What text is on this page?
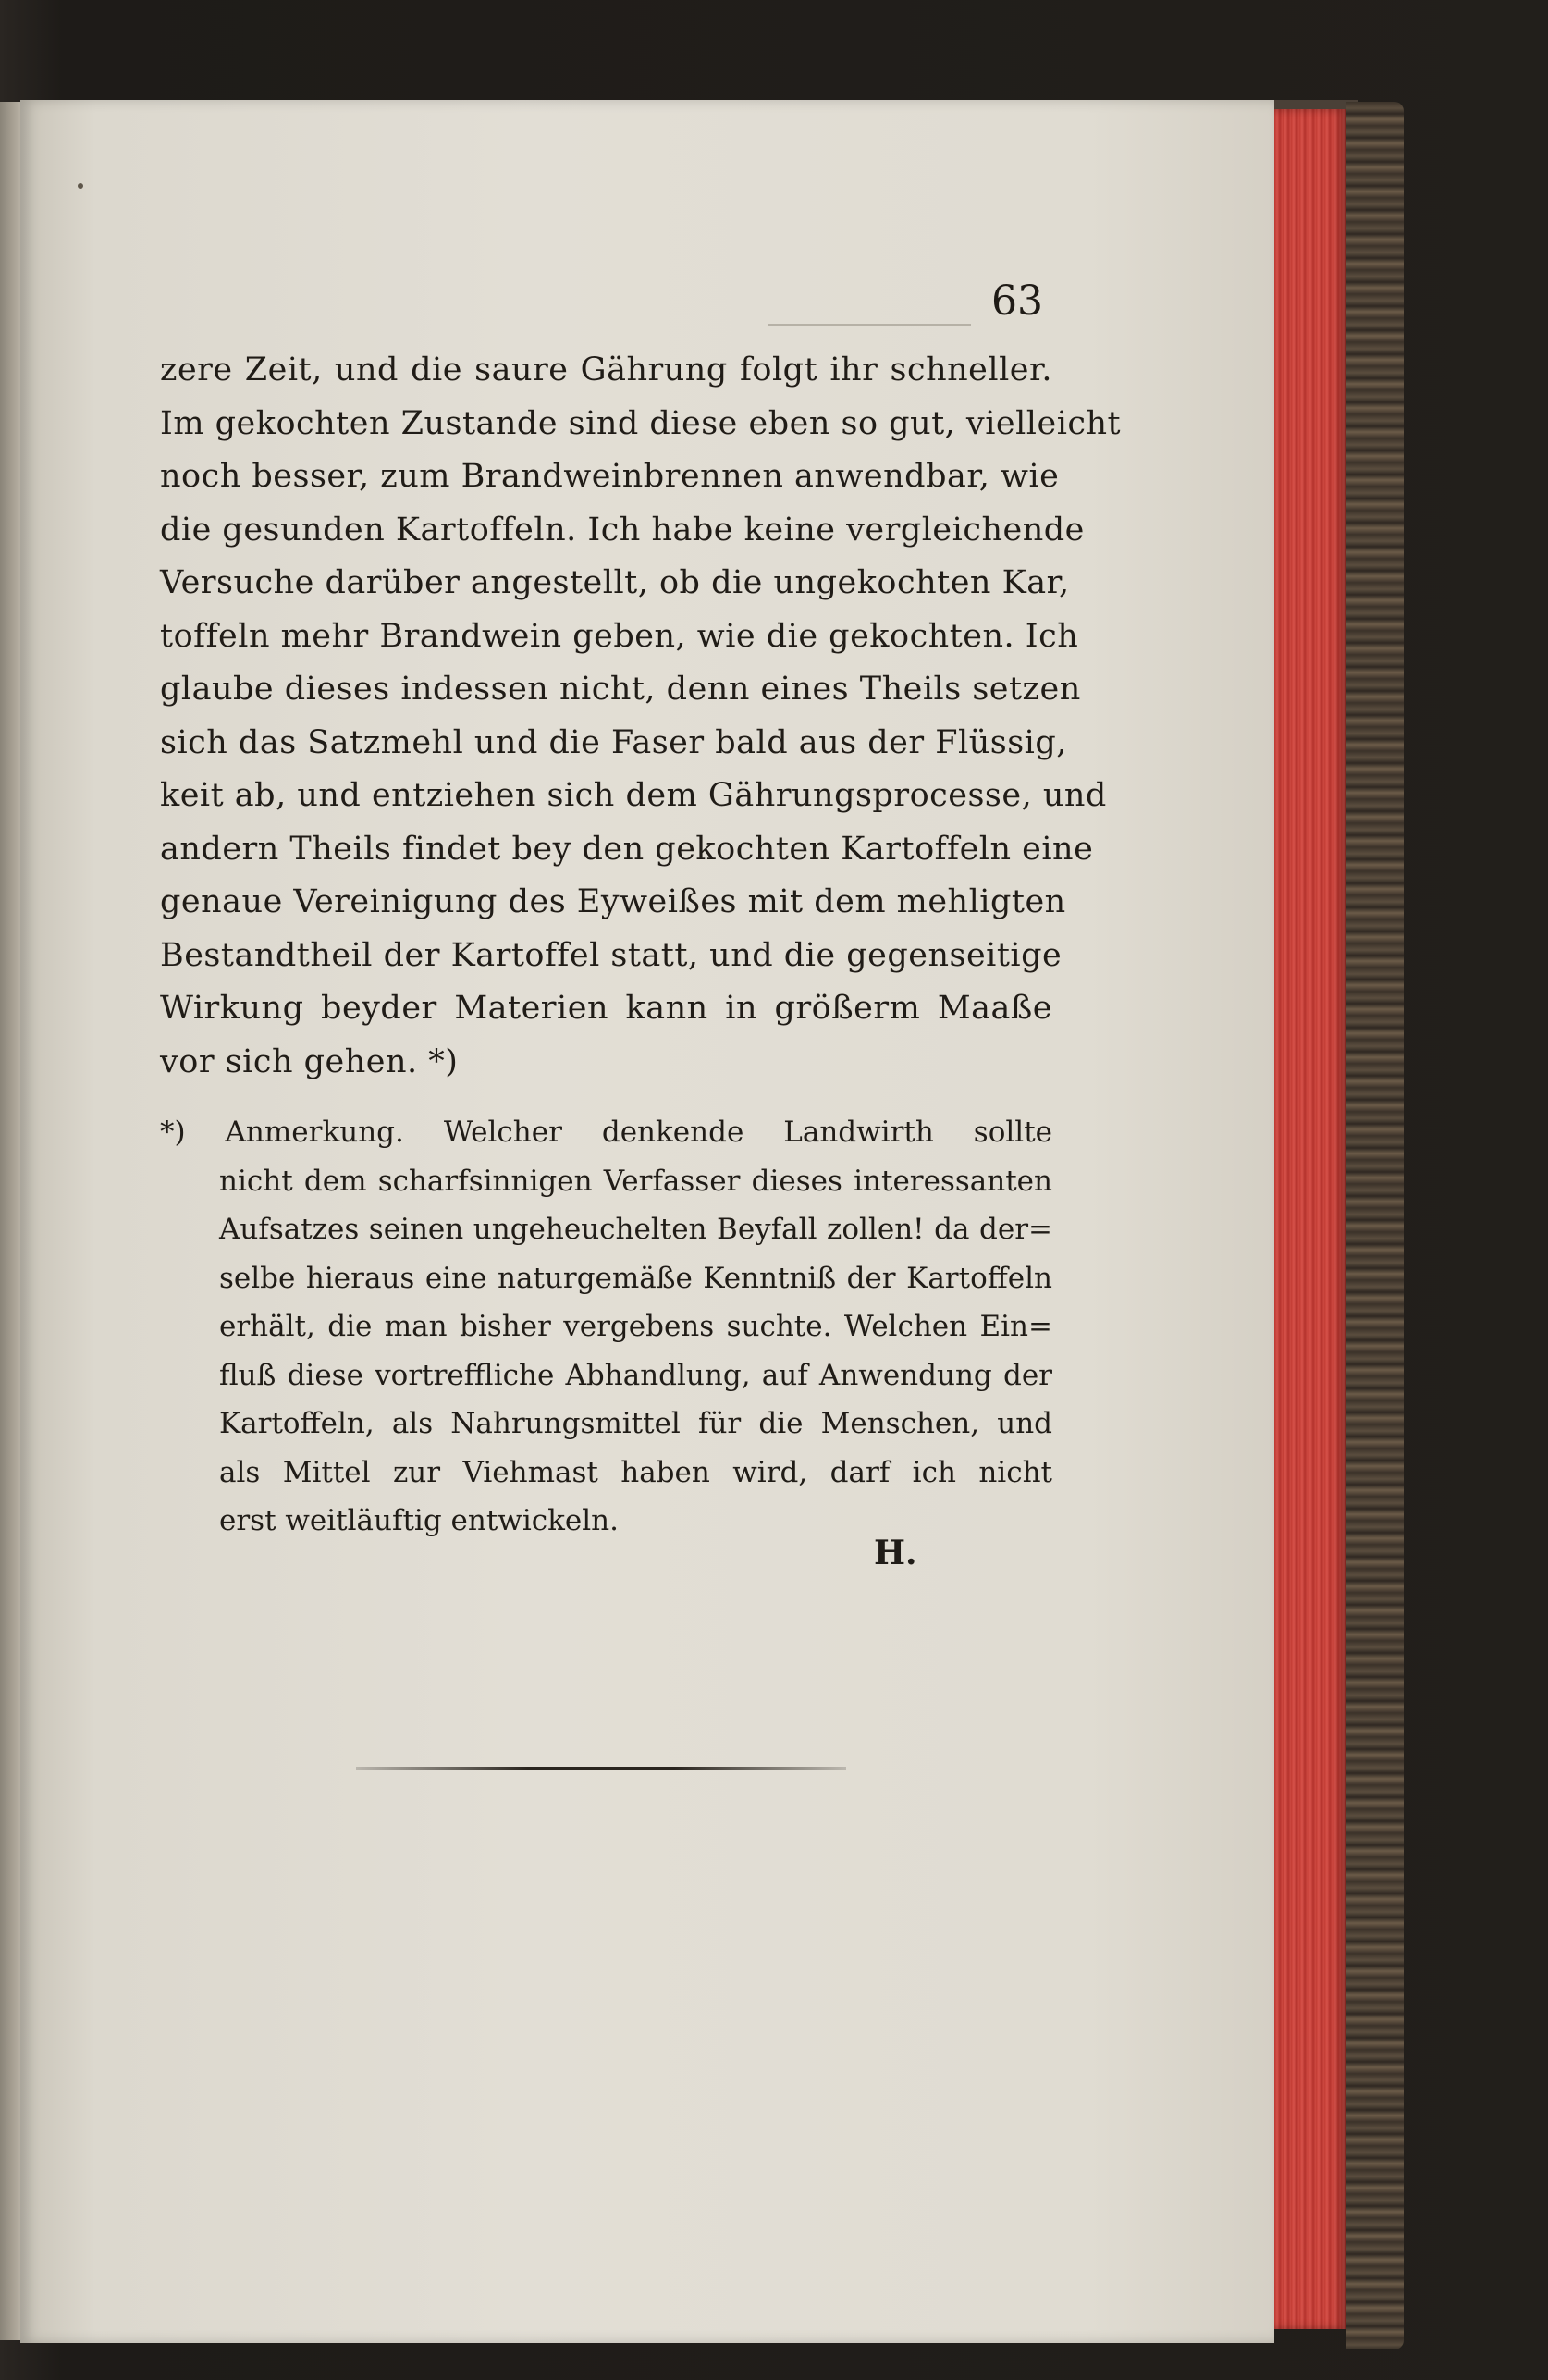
63
zere Zeit, und die saure Gährung folgt ihr schneller.
Im gekochten Zustande sind diese eben so gut, vielleicht
noch besser, zum Brandweinbrennen anwendbar, wie
die gesunden Kartoffeln. Ich habe keine vergleichende
Versuche darüber angestellt, ob die ungekochten Kar,
toffeln mehr Brandwein geben, wie die gekochten. Ich
glaube dieses indessen nicht, denn eines Theils setzen
sich das Satzmehl und die Faser bald aus der Flüssig,
keit ab, und entziehen sich dem Gährungsprocesse, und
andern Theils findet bey den gekochten Kartoffeln eine
genaue Vereinigung des Eyweißes mit dem mehligten
Bestandtheil der Kartoffel statt, und die gegenseitige
Wirkung beyder Materien kann in größerm Maaße
vor sich gehen. *)
*) Anmerkung. Welcher denkende Landwirth sollte
nicht dem scharfsinnigen Verfasser dieses interessanten
Aufsatzes seinen ungeheuchelten Beyfall zollen! da der=
selbe hieraus eine naturgemäße Kenntniß der Kartoffeln
erhält, die man bisher vergebens suchte. Welchen Ein=
fluß diese vortreffliche Abhandlung, auf Anwendung der
Kartoffeln, als Nahrungsmittel für die Menschen, und
als Mittel zur Viehmast haben wird, darf ich nicht
erst weitläuftig entwickeln.
H.
